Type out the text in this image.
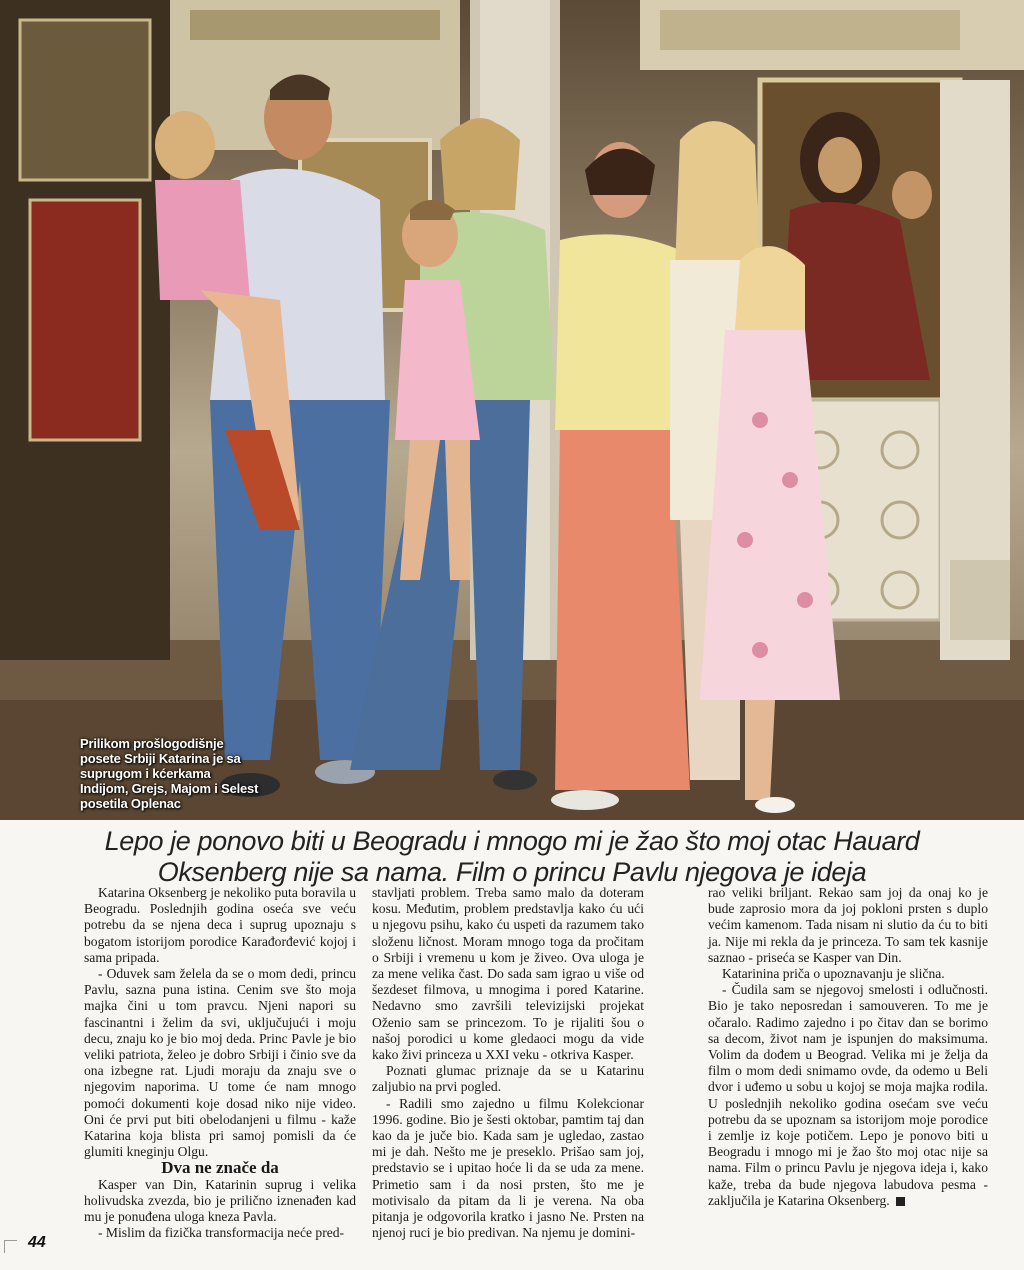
Prilikom prošlogodišnje posete Srbiji Katarina je sa suprugom i kćerkama Indijom, Grejs, Majom i Selest posetila Oplenac
Lepo je ponovo biti u Beogradu i mnogo mi je žao što moj otac Hauard Oksenberg nije sa nama. Film o princu Pavlu njegova je ideja

Katarina Oksenberg je nekoliko puta boravila u Beogradu. Poslednjih godina oseća sve veću potrebu da se njena deca i suprug upoznaju s bogatom istorijom porodice Karađorđević kojoj i sama pripada.

- Oduvek sam želela da se o mom dedi, princu Pavlu, sazna puna istina. Cenim sve što moja majka čini u tom pravcu. Njeni napori su fascinantni i želim da svi, uključujući i moju decu, znaju ko je bio moj deda. Princ Pavle je bio veliki patriota, želeo je dobro Srbiji i činio sve da ona izbegne rat. Ljudi moraju da znaju sve o njegovim naporima. U tome će nam mnogo pomoći dokumenti koje dosad niko nije video. Oni će prvi put biti obelodanjeni u filmu - kaže Katarina koja blista pri samoj pomisli da će glumiti kneginju Olgu.

Dva ne znače da

Kasper van Din, Katarinin suprug i velika holivudska zvezda, bio je prilično iznenađen kad mu je ponuđena uloga kneza Pavla.

- Mislim da fizička transformacija neće pred-

stavljati problem. Treba samo malo da doteram kosu. Međutim, problem predstavlja kako ću ući u njegovu psihu, kako ću uspeti da razumem tako složenu ličnost. Moram mnogo toga da pročitam o Srbiji i vremenu u kom je živeo. Ova uloga je za mene velika čast. Do sada sam igrao u više od šezdeset filmova, u mnogima i pored Katarine. Nedavno smo završili televizijski projekat Oženio sam se princezom. To je rijaliti šou o našoj porodici u kome gledaoci mogu da vide kako živi princeza u XXI veku - otkriva Kasper.

Poznati glumac priznaje da se u Katarinu zaljubio na prvi pogled.

- Radili smo zajedno u filmu Kolekcionar 1996. godine. Bio je šesti oktobar, pamtim taj dan kao da je juče bio. Kada sam je ugledao, zastao mi je dah. Nešto me je preseklo. Prišao sam joj, predstavio se i upitao hoće li da se uda za mene. Primetio sam i da nosi prsten, što me je motivisalo da pitam da li je verena. Na oba pitanja je odgovorila kratko i jasno Ne. Prsten na njenoj ruci je bio predivan. Na njemu je domini-

rao veliki briljant. Rekao sam joj da onaj ko je bude zaprosio mora da joj pokloni prsten s duplo većim kamenom. Tada nisam ni slutio da ću to biti ja. Nije mi rekla da je princeza. To sam tek kasnije saznao - priseća se Kasper van Din.

Katarinina priča o upoznavanju je slična.

- Čudila sam se njegovoj smelosti i odlučnosti. Bio je tako neposredan i samouveren. To me je očaralo. Radimo zajedno i po čitav dan se borimo sa decom, život nam je ispunjen do maksimuma. Volim da dođem u Beograd. Velika mi je želja da film o mom dedi snimamo ovde, da odemo u Beli dvor i uđemo u sobu u kojoj se moja majka rodila. U poslednjih nekoliko godina osećam sve veću potrebu da se upoznam sa istorijom moje porodice i zemlje iz koje potičem. Lepo je ponovo biti u Beogradu i mnogo mi je žao što moj otac nije sa nama. Film o princu Pavlu je njegova ideja i, kako kaže, treba da bude njegova labudova pesma - zaključila je Katarina Oksenberg.

44
